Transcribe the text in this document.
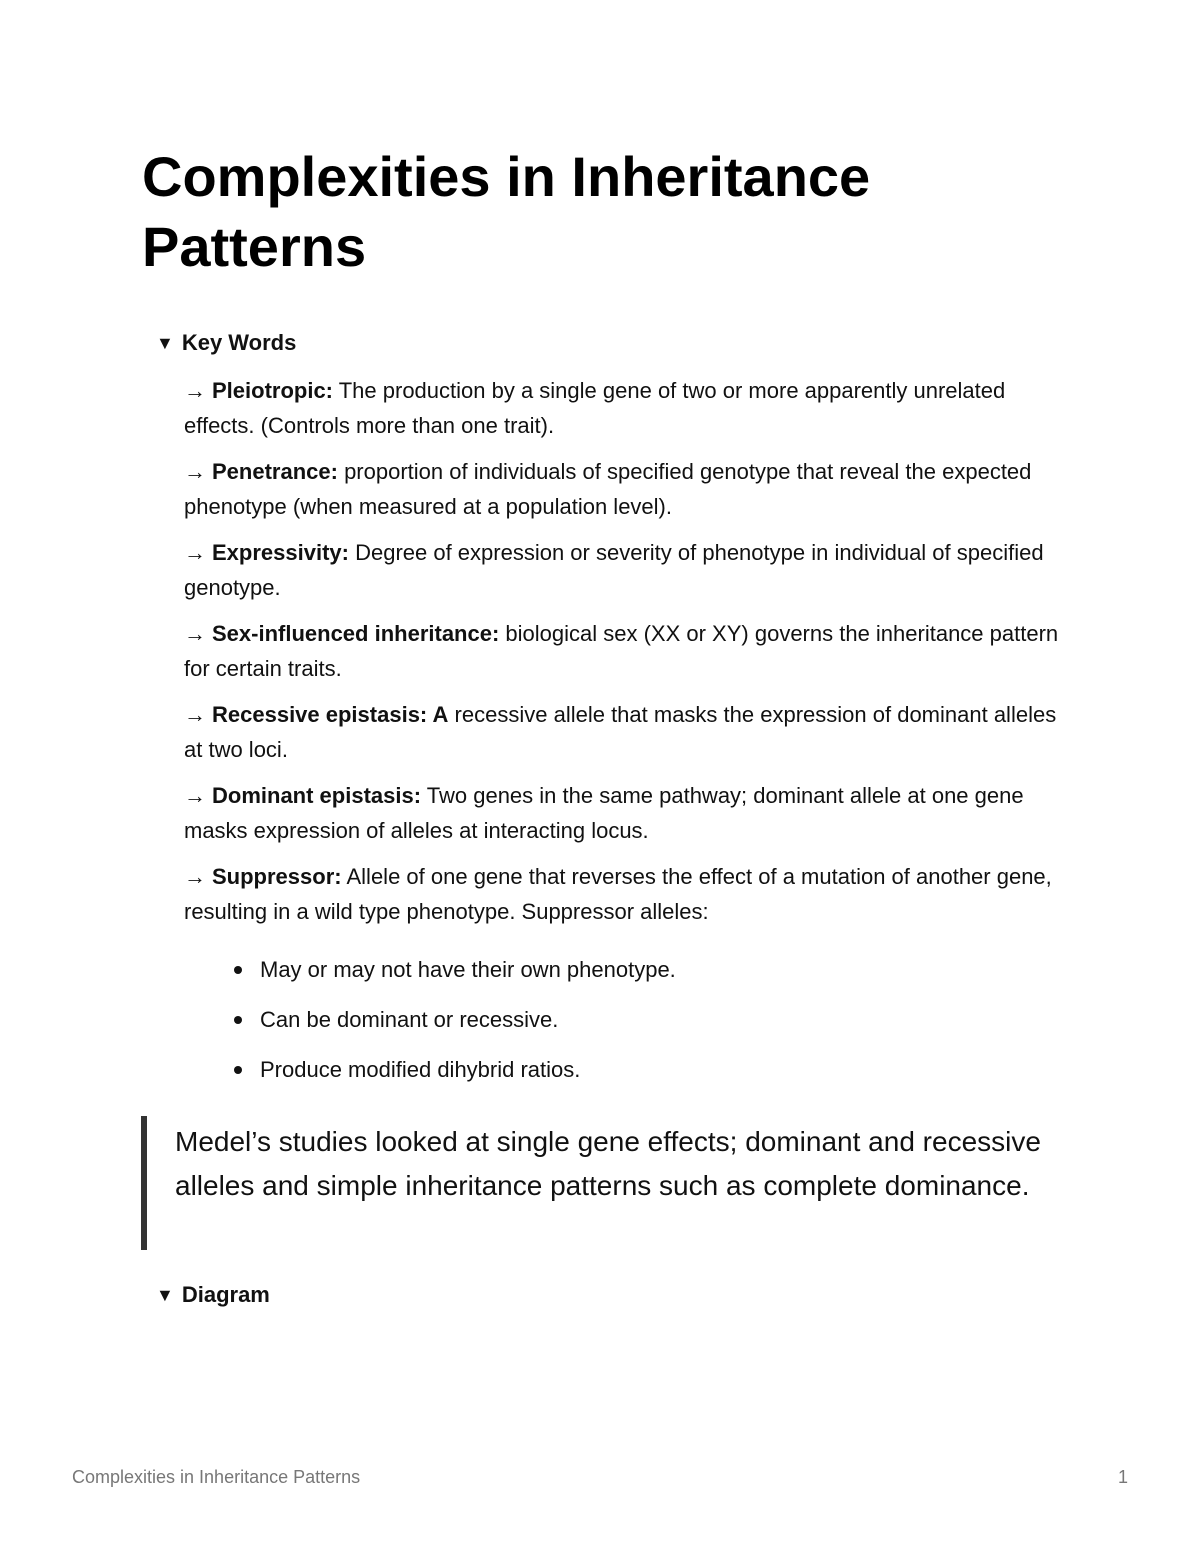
Complexities in Inheritance Patterns
▼ Key Words

→ Pleiotropic: The production by a single gene of two or more apparently unrelated effects. (Controls more than one trait).

→ Penetrance: proportion of individuals of specified genotype that reveal the expected phenotype (when measured at a population level).

→ Expressivity: Degree of expression or severity of phenotype in individual of specified genotype.

→ Sex-influenced inheritance: biological sex (XX or XY) governs the inheritance pattern for certain traits.

→ Recessive epistasis: A recessive allele that masks the expression of dominant alleles at two loci.

→ Dominant epistasis: Two genes in the same pathway; dominant allele at one gene masks expression of alleles at interacting locus.

→ Suppressor: Allele of one gene that reverses the effect of a mutation of another gene, resulting in a wild type phenotype. Suppressor alleles:

May or may not have their own phenotype.
Can be dominant or recessive.
Produce modified dihybrid ratios.

Medel’s studies looked at single gene effects; dominant and recessive alleles and simple inheritance patterns such as complete dominance.

▼ Diagram
Complexities in Inheritance Patterns	1
